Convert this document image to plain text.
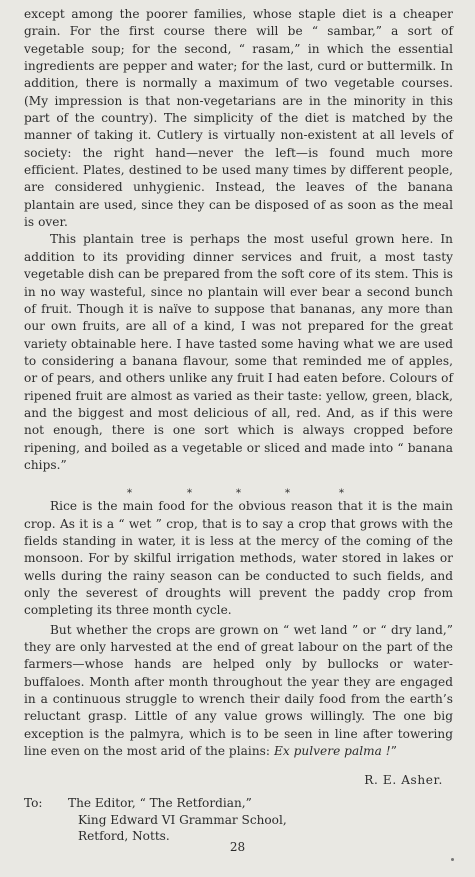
except among the poorer families, whose staple diet is a cheaper grain. For the first course there will be “ sambar,” a sort of vegetable soup; for the second, “ rasam,” in which the essential ingredients are pepper and water; for the last, curd or buttermilk. In addition, there is normally a maximum of two vegetable courses. (My impression is that non-vegetarians are in the minority in this part of the country). The simplicity of the diet is matched by the manner of taking it. Cutlery is virtually non-existent at all levels of society: the right hand—never the left—is found much more efficient. Plates, destined to be used many times by different people, are considered unhygienic. Instead, the leaves of the banana plantain are used, since they can be disposed of as soon as the meal is over.

This plantain tree is perhaps the most useful grown here. In addition to its providing dinner services and fruit, a most tasty vegetable dish can be prepared from the soft core of its stem. This is in no way wasteful, since no plantain will ever bear a second bunch of fruit. Though it is naïve to suppose that bananas, any more than our own fruits, are all of a kind, I was not prepared for the great variety obtainable here. I have tasted some having what we are used to considering a banana flavour, some that reminded me of apples, or of pears, and others unlike any fruit I had eaten before. Colours of ripened fruit are almost as varied as their taste: yellow, green, black, and the biggest and most delicious of all, red. And, as if this were not enough, there is one sort which is always cropped before ripening, and boiled as a vegetable or sliced and made into “ banana chips.”

*	*	*	*	*

Rice is the main food for the obvious reason that it is the main crop. As it is a “ wet ” crop, that is to say a crop that grows with the fields standing in water, it is less at the mercy of the coming of the monsoon. For by skilful irrigation methods, water stored in lakes or wells during the rainy season can be conducted to such fields, and only the severest of droughts will prevent the paddy crop from completing its three month cycle.

But whether the crops are grown on “ wet land ” or “ dry land,” they are only harvested at the end of great labour on the part of the farmers—whose hands are helped only by bullocks or water-buffaloes. Month after month throughout the year they are engaged in a continuous struggle to wrench their daily food from the earth’s reluctant grasp. Little of any value grows willingly. The one big exception is the palmyra, which is to be seen in line after towering line even on the most arid of the plains: Ex pulvere palma !”

R. E. Asher.
To: The Editor, “ The Retfordian,”
King Edward VI Grammar School,
Retford, Notts.
28
